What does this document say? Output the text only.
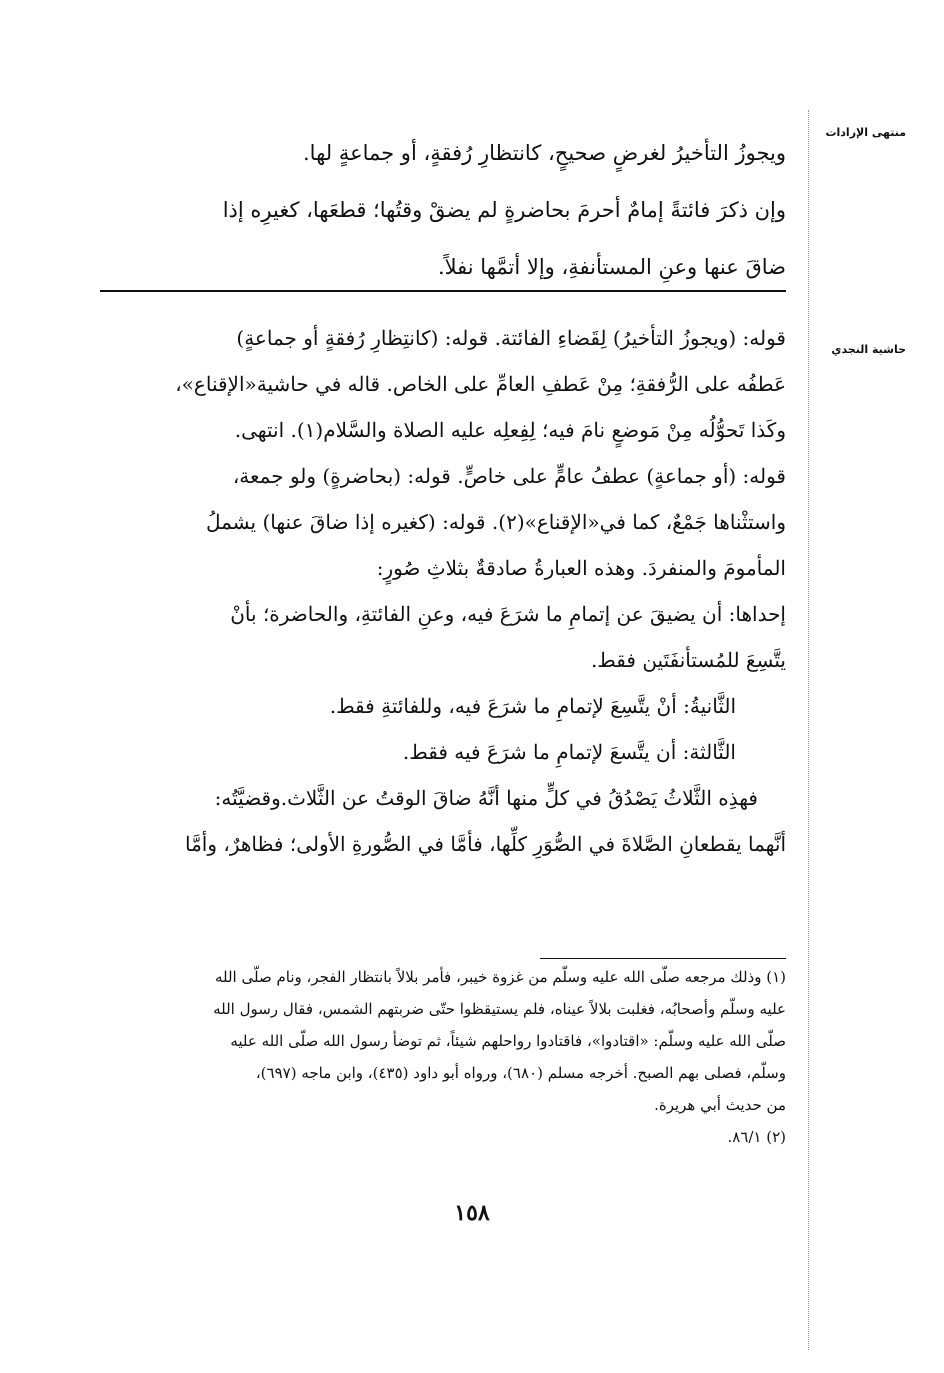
منتهى الإرادات
حاشية النجدي
ويجوزُ التأخيرُ لغرضٍ صحيحٍ، كانتظارِ رُفقةٍ، أو جماعةٍ لها.
وإن ذكرَ فائتةً إمامٌ أحرمَ بحاضرةٍ لم يضقْ وقتُها؛ قطعَها، كغيرِه إذا
ضاقَ عنها وعنِ المستأنفةِ، وإلا أتمَّها نفلاً.
قوله: (ويجوزُ التأخيرُ) لِقَضاءِ الفائتة. قوله: (كانتِظارِ رُفقةٍ أو جماعةٍ)
عَطفُه على الرُّفقةِ؛ مِنْ عَطفِ العامِّ على الخاص. قاله في حاشية«الإقناع»،
وكَذا تَحوُّلُه مِنْ مَوضعٍ نامَ فيه؛ لِفِعلِه عليه الصلاة والسَّلام(١). انتهى.
قوله: (أو جماعةٍ) عطفُ عامٍّ على خاصٍّ. قوله: (بحاضرةٍ) ولو جمعة،
واستثْناها جَمْعٌ، كما في«الإقناع»(٢). قوله: (كغيره إذا ضاقَ عنها) يشملُ
المأمومَ والمنفردَ. وهذه العبارةُ صادقةٌ بثلاثِ صُورٍ:
إحداها: أن يضيقَ عن إتمامِ ما شرَعَ فيه، وعنِ الفائتةِ، والحاضرة؛ بأنْ
يتَّسِعَ للمُستأنفَتَين فقط.
الثَّانيةُ: أنْ يتَّسِعَ لإتمامِ ما شرَعَ فيه، وللفائتةِ فقط.
الثَّالثة: أن يتَّسعَ لإتمامِ ما شرَعَ فيه فقط.
فهذِه الثَّلاثُ يَصْدُقُ في كلٍّ منها أنَّهُ ضاقَ الوقتُ عن الثَّلاث.وقضيَّتُه:
أنَّهما يقطعانِ الصَّلاةَ في الصُّوَرِ كلِّها، فأمَّا في الصُّورةِ الأولى؛ فظاهرٌ، وأمَّا
(١) وذلك مرجعه صلّى الله عليه وسلّم من غزوة خيبر، فأمر بلالاً بانتظار الفجر، ونام صلّى الله
عليه وسلّم وأصحابُه، فغلبت بلالاً عيناه، فلم يستيقظوا حتّى ضربتهم الشمس، فقال رسول الله
صلّى الله عليه وسلّم: «اقتادوا»، فاقتادوا رواحلهم شيئاً، ثم توضأ رسول الله صلّى الله عليه
وسلّم، فصلى بهم الصبح. أخرجه مسلم (٦٨٠)، ورواه أبو داود (٤٣٥)، وابن ماجه (٦٩٧)،
من حديث أبي هريرة.
(٢) ٨٦/١.
١٥٨
